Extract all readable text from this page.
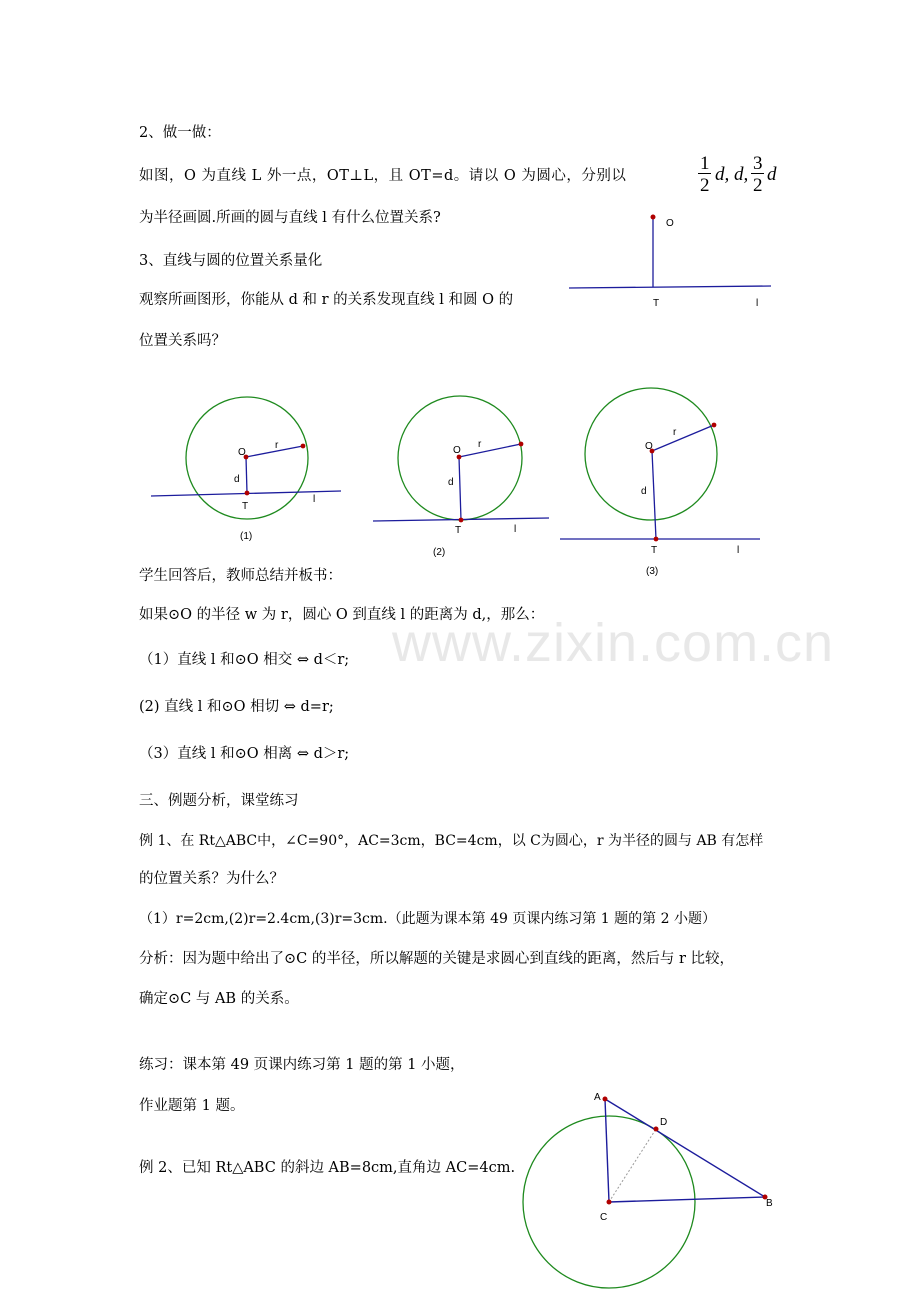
2、做一做：
如图，O 为直线 L 外一点，OT⊥L，且 OT=d。请以 O 为圆心，分别以
1
2
d, d,
3
2
d
为半径画圆.所画的圆与直线 l 有什么位置关系?
3、直线与圆的位置关系量化
观察所画图形，你能从 d 和 r 的关系发现直线 l 和圆 O 的
位置关系吗？
O
T	l
O
r
d
T
l
(1)
O
r
d
T	l
(2)
O
r
d
T	l
(3)
学生回答后，教师总结并板书：
如果⊙O 的半径 w 为 r，圆心 O 到直线 l 的距离为 d,，那么：
（1）直线 l 和⊙O 相交 ⇔ d＜r;
(2) 直线 l 和⊙O 相切 ⇔ d=r;
（3）直线 l 和⊙O 相离 ⇔ d＞r;
www.zixin.com.cn
三、例题分析，课堂练习
例 1、在 Rt△ABC中，∠C=90°，AC=3cm，BC=4cm，以 C为圆心，r 为半径的圆与 AB 有怎样
的位置关系？为什么？
（1）r=2cm,(2)r=2.4cm,(3)r=3cm.（此题为课本第 49 页课内练习第 1 题的第 2 小题）
分析：因为题中给出了⊙C 的半径，所以解题的关键是求圆心到直线的距离，然后与 r 比较，
确定⊙C 与 AB 的关系。
练习：课本第 49 页课内练习第 1 题的第 1 小题，
作业题第 1 题。
例 2、已知 Rt△ABC 的斜边 AB=8cm,直角边 AC=4cm.
A
B
C
D
